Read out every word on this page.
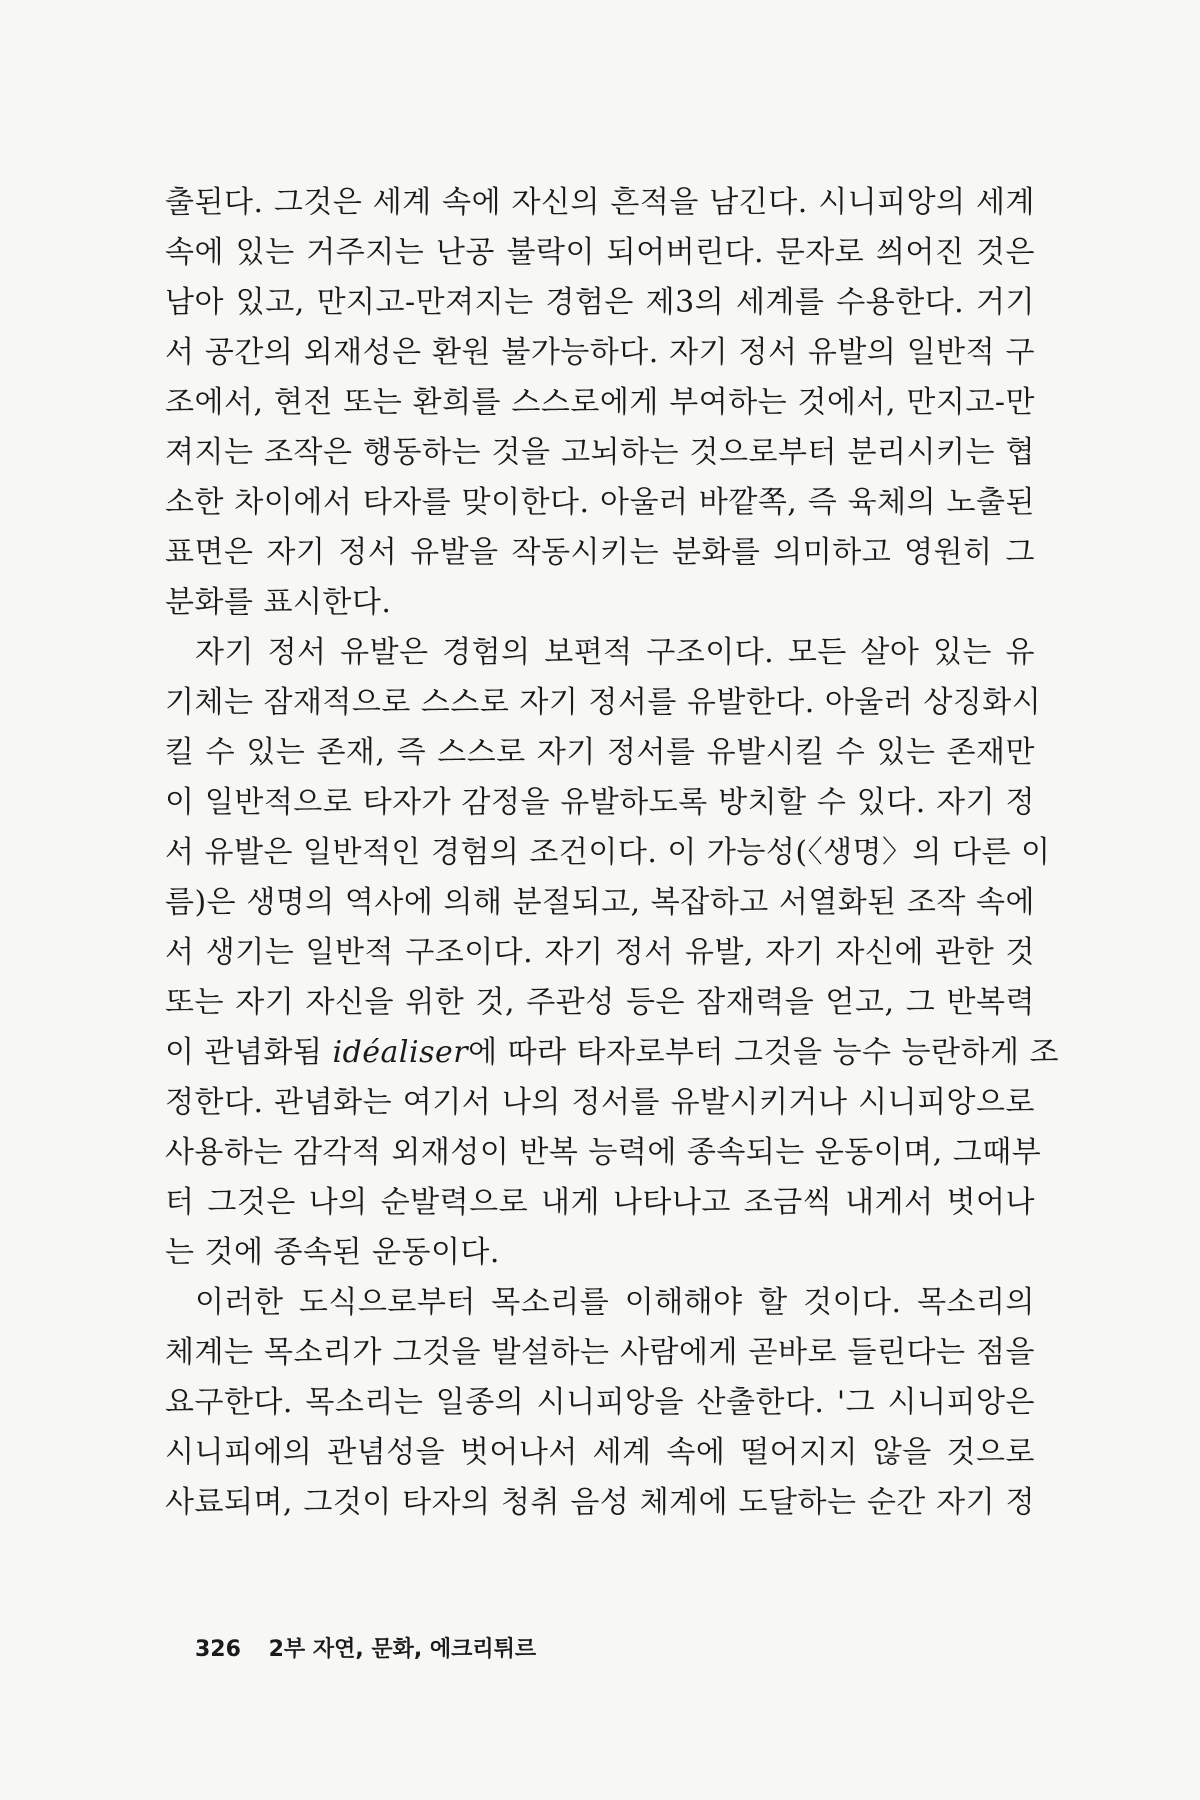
출된다. 그것은 세계 속에 자신의 흔적을 남긴다. 시니피앙의 세계
속에 있는 거주지는 난공 불락이 되어버린다. 문자로 씌어진 것은
남아 있고, 만지고-만져지는 경험은 제3의 세계를 수용한다. 거기
서 공간의 외재성은 환원 불가능하다. 자기 정서 유발의 일반적 구
조에서, 현전 또는 환희를 스스로에게 부여하는 것에서, 만지고-만
져지는 조작은 행동하는 것을 고뇌하는 것으로부터 분리시키는 협
소한 차이에서 타자를 맞이한다. 아울러 바깥쪽, 즉 육체의 노출된
표면은 자기 정서 유발을 작동시키는 분화를 의미하고 영원히 그
분화를 표시한다.
자기 정서 유발은 경험의 보편적 구조이다. 모든 살아 있는 유
기체는 잠재적으로 스스로 자기 정서를 유발한다. 아울러 상징화시
킬 수 있는 존재, 즉 스스로 자기 정서를 유발시킬 수 있는 존재만
이 일반적으로 타자가 감정을 유발하도록 방치할 수 있다. 자기 정
서 유발은 일반적인 경험의 조건이다. 이 가능성(〈생명〉의 다른 이
름)은 생명의 역사에 의해 분절되고, 복잡하고 서열화된 조작 속에
서 생기는 일반적 구조이다. 자기 정서 유발, 자기 자신에 관한 것
또는 자기 자신을 위한 것, 주관성 등은 잠재력을 얻고, 그 반복력
이 관념화됨 idéaliser에 따라 타자로부터 그것을 능수 능란하게 조
정한다. 관념화는 여기서 나의 정서를 유발시키거나 시니피앙으로
사용하는 감각적 외재성이 반복 능력에 종속되는 운동이며, 그때부
터 그것은 나의 순발력으로 내게 나타나고 조금씩 내게서 벗어나
는 것에 종속된 운동이다.
이러한 도식으로부터 목소리를 이해해야 할 것이다. 목소리의
체계는 목소리가 그것을 발설하는 사람에게 곧바로 들린다는 점을
요구한다. 목소리는 일종의 시니피앙을 산출한다. '그 시니피앙은
시니피에의 관념성을 벗어나서 세계 속에 떨어지지 않을 것으로
사료되며, 그것이 타자의 청취 음성 체계에 도달하는 순간 자기 정
326 2부 자연, 문화, 에크리튀르
